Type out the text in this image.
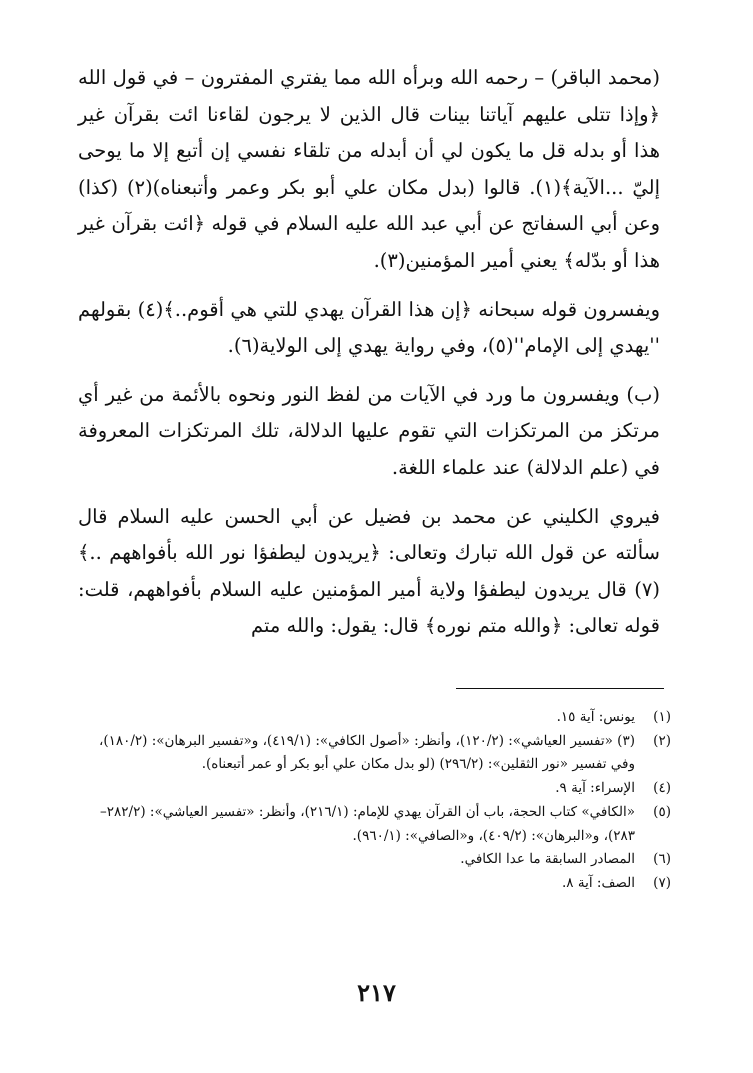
(محمد الباقر) – رحمه الله وبرأه الله مما يفتري المفترون – في قول الله ﴿وإذا تتلى عليهم آياتنا بينات قال الذين لا يرجون لقاءنا ائت بقرآن غير هذا أو بدله قل ما يكون لي أن أبدله من تلقاء نفسي إن أتبع إلا ما يوحى إليّ ...الآية﴾(١). قالوا (بدل مكان علي أبو بكر وعمر وأتبعناه)(٢) (كذا) وعن أبي السفاتج عن أبي عبد الله عليه السلام في قوله ﴿ائت بقرآن غير هذا أو بدّله﴾ يعني أمير المؤمنين(٣).

ويفسرون قوله سبحانه ﴿إن هذا القرآن يهدي للتي هي أقوم..﴾(٤) بقولهم ''يهدي إلى الإمام''(٥)، وفي رواية يهدي إلى الولاية(٦).

(ب) ويفسرون ما ورد في الآيات من لفظ النور ونحوه بالأئمة من غير أي مرتكز من المرتكزات التي تقوم عليها الدلالة، تلك المرتكزات المعروفة في (علم الدلالة) عند علماء اللغة.

فيروي الكليني عن محمد بن فضيل عن أبي الحسن عليه السلام قال سألته عن قول الله تبارك وتعالى: ﴿يريدون ليطفؤا نور الله بأفواههم ..﴾(٧) قال يريدون ليطفؤا ولاية أمير المؤمنين عليه السلام بأفواههم، قلت: قوله تعالى: ﴿والله متم نوره﴾ قال: يقول: والله متم

(١)
يونس: آية ١٥.
(٢)
(٣) «تفسير العياشي»: (١٢٠/٢)، وأنظر: «أصول الكافي»: (٤١٩/١)، و«تفسير البرهان»: (١٨٠/٢)، وفي تفسير «نور الثقلين»: (٢٩٦/٢) (لو بدل مكان علي أبو بكر أو عمر أتبعناه).
(٤)
الإسراء: آية ٩.
(٥)
«الكافي» كتاب الحجة، باب أن القرآن يهدي للإمام: (٢١٦/١)، وأنظر: «تفسير العياشي»: (٢٨٢/٢–٢٨٣)، و«البرهان»: (٤٠٩/٢)، و«الصافي»: (٩٦٠/١).
(٦)
المصادر السابقة ما عدا الكافي.
(٧)
الصف: آية ٨.
٢١٧
